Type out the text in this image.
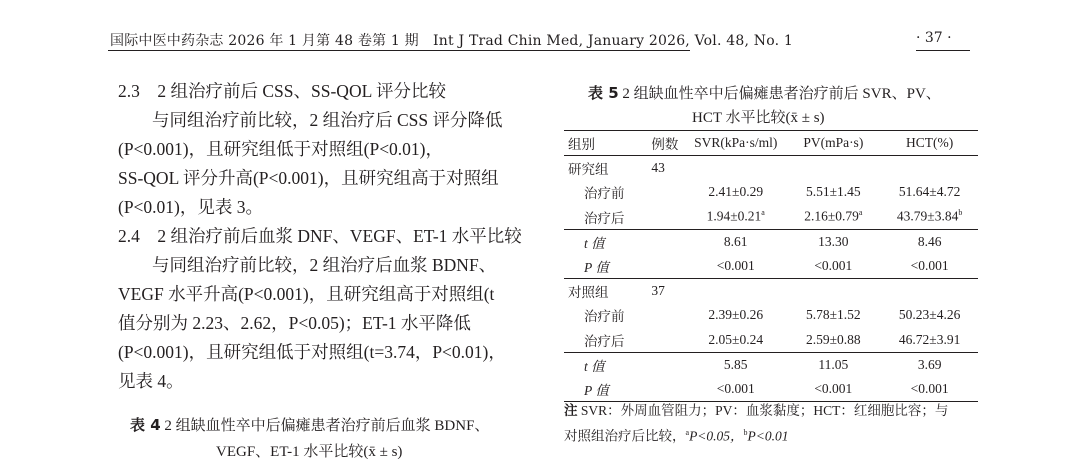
国际中医中药杂志 2026 年 1 月第 48 卷第 1 期　Int J Trad Chin Med, January 2026, Vol. 48, No. 1	· 37 ·
2.3　2 组治疗前后 CSS、SS-QOL 评分比较
与同组治疗前比较，2 组治疗后 CSS 评分降低
(P<0.001)，且研究组低于对照组(P<0.01)，
SS-QOL 评分升高(P<0.001)，且研究组高于对照组
(P<0.01)，见表 3。
2.4　2 组治疗前后血浆 DNF、VEGF、ET-1 水平比较
与同组治疗前比较，2 组治疗后血浆 BDNF、
VEGF 水平升高(P<0.001)，且研究组高于对照组(t
值分别为 2.23、2.62，P<0.05)；ET-1 水平降低
(P<0.001)，且研究组低于对照组(t=3.74，P<0.01)，
见表 4。
表 4 2 组缺血性卒中后偏瘫患者治疗前后血浆 BDNF、
VEGF、ET-1 水平比较(x̄ ± s)
表 5 2 组缺血性卒中后偏瘫患者治疗前后 SVR、PV、
HCT 水平比较(x̄ ± s)
组别	例数	SVR(kPa·s/ml)	PV(mPa·s)	HCT(%)
研究组	43			
治疗前		2.41±0.29	5.51±1.45	51.64±4.72
治疗后		1.94±0.21$^a$	2.16±0.79$^a$	43.79±3.84$^b$
t 值		8.61	13.30	8.46
P 值		<0.001	<0.001	<0.001
对照组	37			
治疗前		2.39±0.26	5.78±1.52	50.23±4.26
治疗后		2.05±0.24	2.59±0.88	46.72±3.91
t 值		5.85	11.05	3.69
P 值		<0.001	<0.001	<0.001
注 SVR：外周血管阻力；PV：血浆黏度；HCT：红细胞比容；与
对照组治疗后比较，$^a$P<0.05，$^b$P<0.01
